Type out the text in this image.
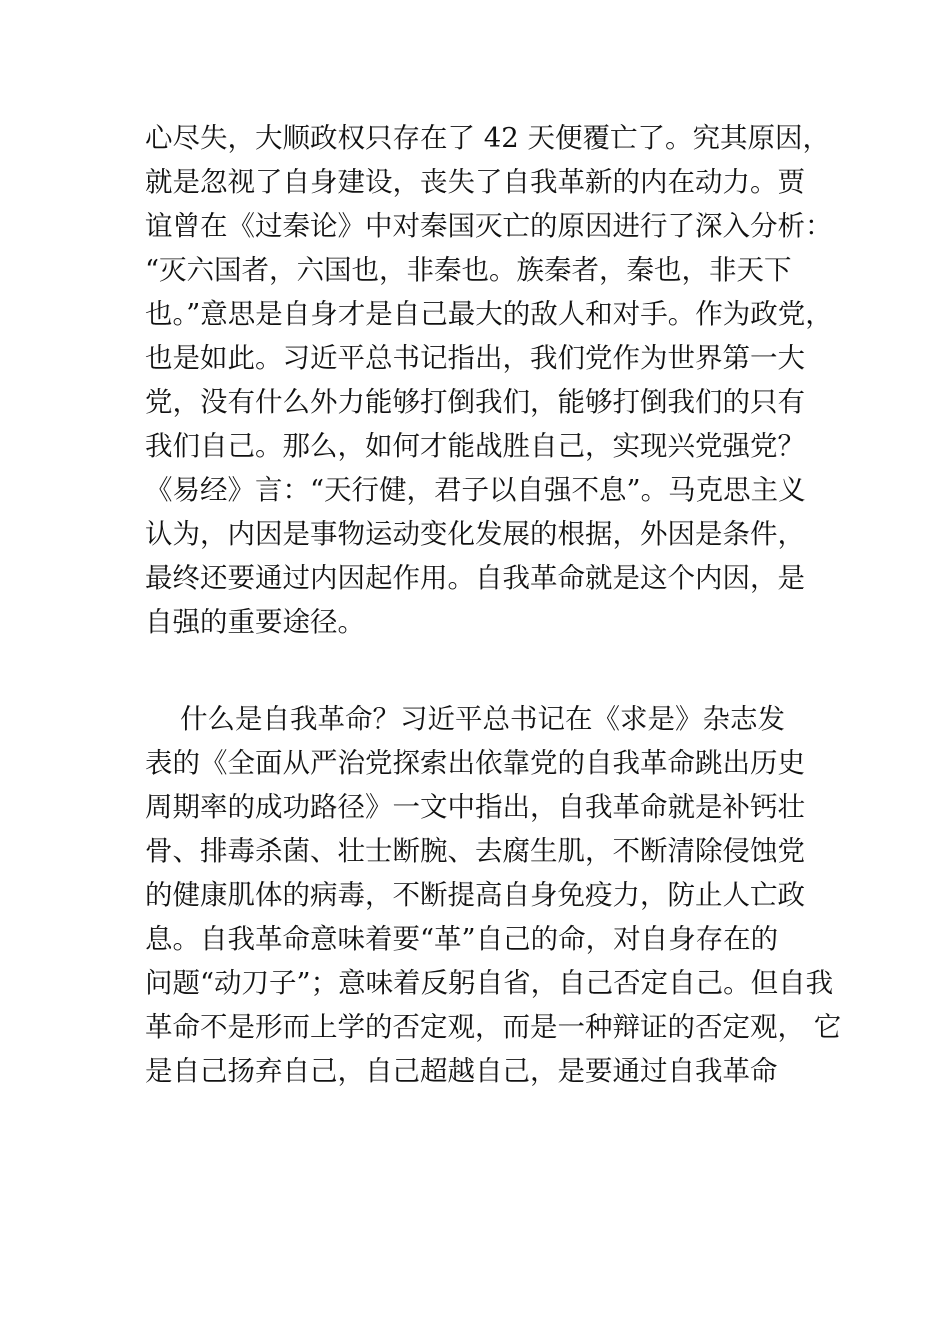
心尽失，大顺政权只存在了 42 天便覆亡了。究其原因，
就是忽视了自身建设，丧失了自我革新的内在动力。贾
谊曾在《过秦论》中对秦国灭亡的原因进行了深入分析：
“灭六国者，六国也，非秦也。族秦者，秦也，非天下
也。”意思是自身才是自己最大的敌人和对手。作为政党，
也是如此。习近平总书记指出，我们党作为世界第一大
党，没有什么外力能够打倒我们，能够打倒我们的只有
我们自己。那么，如何才能战胜自己，实现兴党强党？
《易经》言：“天行健，君子以自强不息”。马克思主义
认为，内因是事物运动变化发展的根据，外因是条件，
最终还要通过内因起作用。自我革命就是这个内因，是
自强的重要途径。
什么是自我革命？习近平总书记在《求是》杂志发
表的《全面从严治党探索出依靠党的自我革命跳出历史
周期率的成功路径》一文中指出，自我革命就是补钙壮
骨、排毒杀菌、壮士断腕、去腐生肌，不断清除侵蚀党
的健康肌体的病毒，不断提高自身免疫力，防止人亡政
息。自我革命意味着要“革”自己的命，对自身存在的
问题“动刀子”；意味着反躬自省，自己否定自己。但自我
革命不是形而上学的否定观，而是一种辩证的否定观， 它
是自己扬弃自己，自己超越自己，是要通过自我革命
